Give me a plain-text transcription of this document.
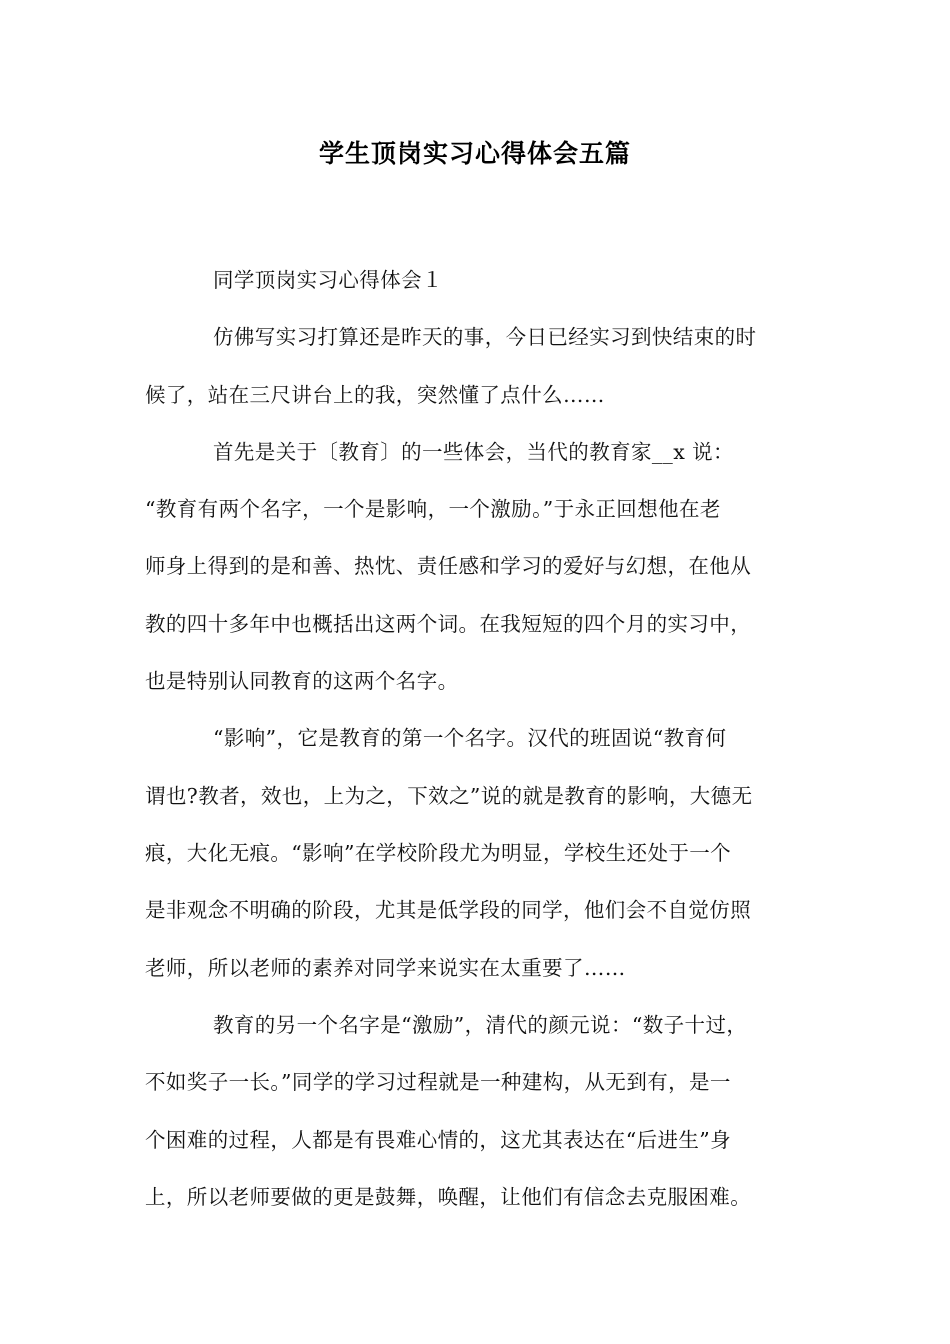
学生顶岗实习心得体会五篇
同学顶岗实习心得体会１
仿佛写实习打算还是昨天的事，今日已经实习到快结束的时
候了，站在三尺讲台上的我，突然懂了点什么……
首先是关于〔教育〕的一些体会，当代的教育家__x 说：
“教育有两个名字，一个是影响，一个激励。”于永正回想他在老
师身上得到的是和善、热忱、责任感和学习的爱好与幻想，在他从
教的四十多年中也概括出这两个词。在我短短的四个月的实习中，
也是特别认同教育的这两个名字。
“影响”，它是教育的第一个名字。汉代的班固说“教育何
谓也?教者，效也，上为之，下效之”说的就是教育的影响，大德无
痕，大化无痕。“影响”在学校阶段尤为明显，学校生还处于一个
是非观念不明确的阶段，尤其是低学段的同学，他们会不自觉仿照
老师，所以老师的素养对同学来说实在太重要了……
教育的另一个名字是“激励”，清代的颜元说：“数子十过，
不如奖子一长。”同学的学习过程就是一种建构，从无到有，是一
个困难的过程，人都是有畏难心情的，这尤其表达在“后进生”身
上，所以老师要做的更是鼓舞，唤醒，让他们有信念去克服困难。
